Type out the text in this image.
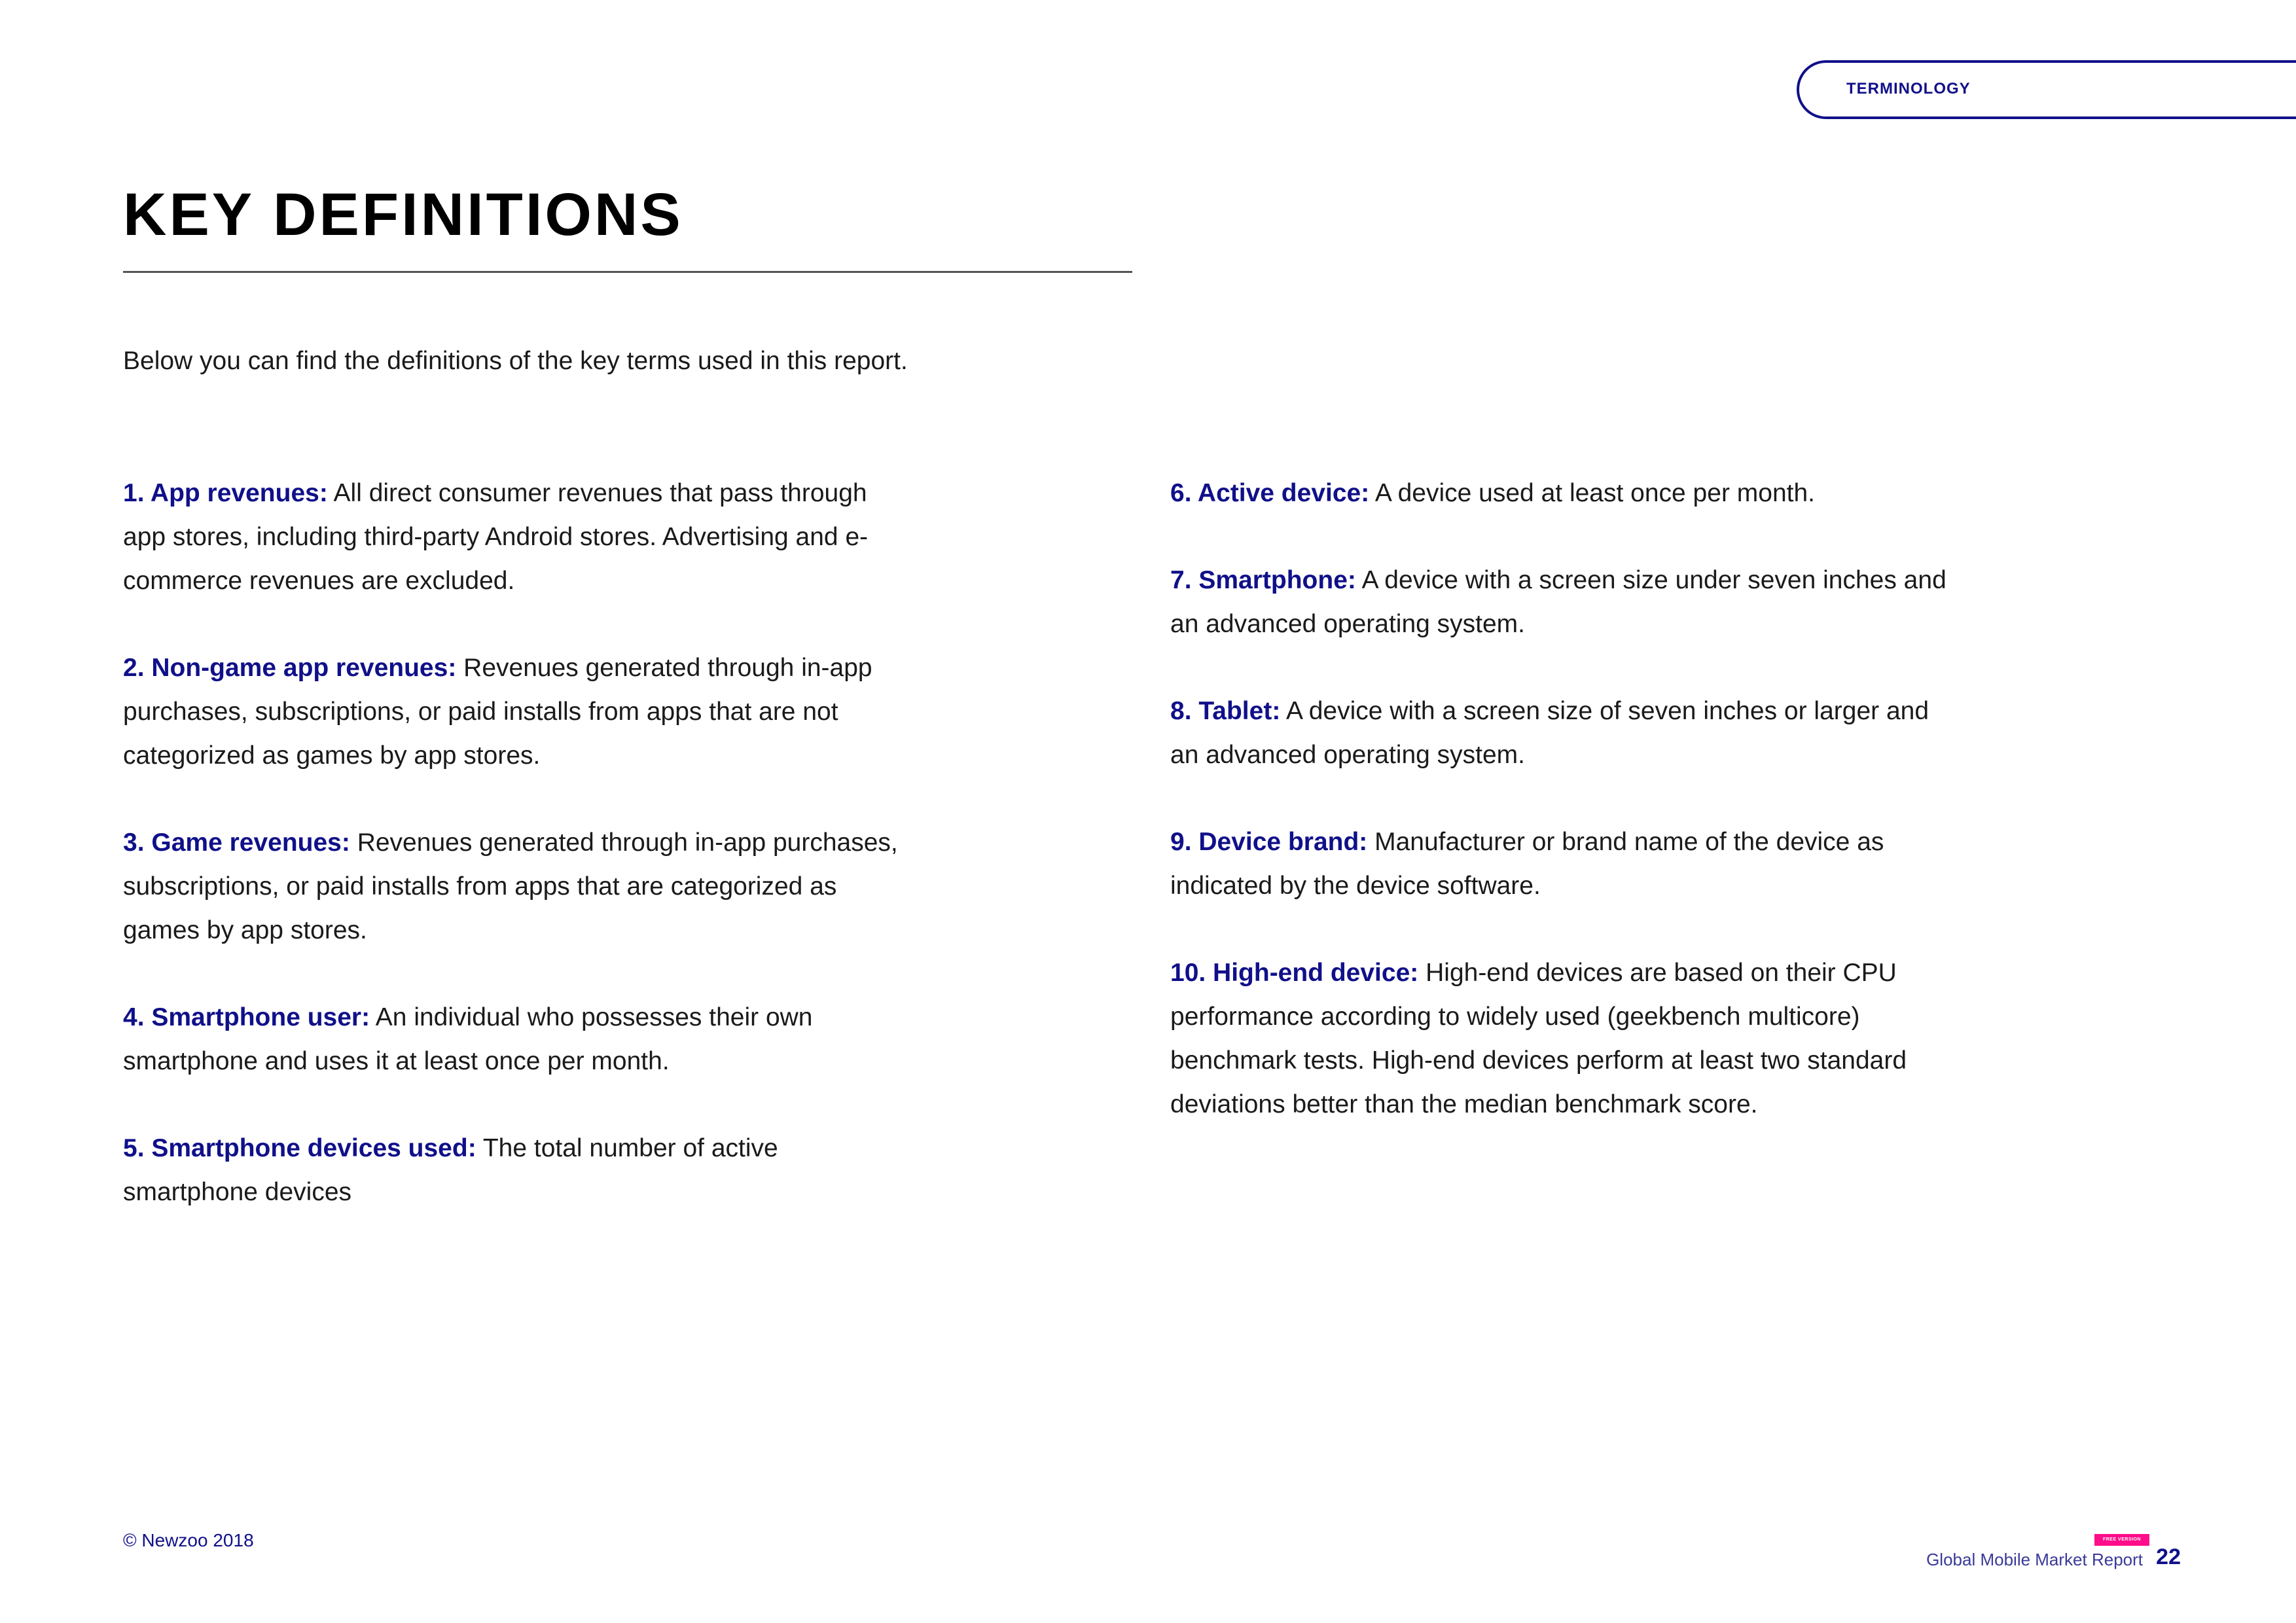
TERMINOLOGY
KEY DEFINITIONS

Below you can find the definitions of the key terms used in this report.

1. App revenues: All direct consumer revenues that pass through app stores, including third-party Android stores. Advertising and e-commerce revenues are excluded.

2. Non-game app revenues: Revenues generated through in-app purchases, subscriptions, or paid installs from apps that are not categorized as games by app stores.

3. Game revenues: Revenues generated through in-app purchases, subscriptions, or paid installs from apps that are categorized as games by app stores.

4. Smartphone user: An individual who possesses their own smartphone and uses it at least once per month.

5. Smartphone devices used: The total number of active smartphone devices

6. Active device: A device used at least once per month.

7. Smartphone: A device with a screen size under seven inches and an advanced operating system.

8. Tablet: A device with a screen size of seven inches or larger and an advanced operating system.

9. Device brand: Manufacturer or brand name of the device as indicated by the device software.

10. High-end device: High-end devices are based on their CPU performance according to widely used (geekbench multicore) benchmark tests. High-end devices perform at least two standard deviations better than the median benchmark score.

© Newzoo 2018	FREE VERSION
Global Mobile Market Report 22
